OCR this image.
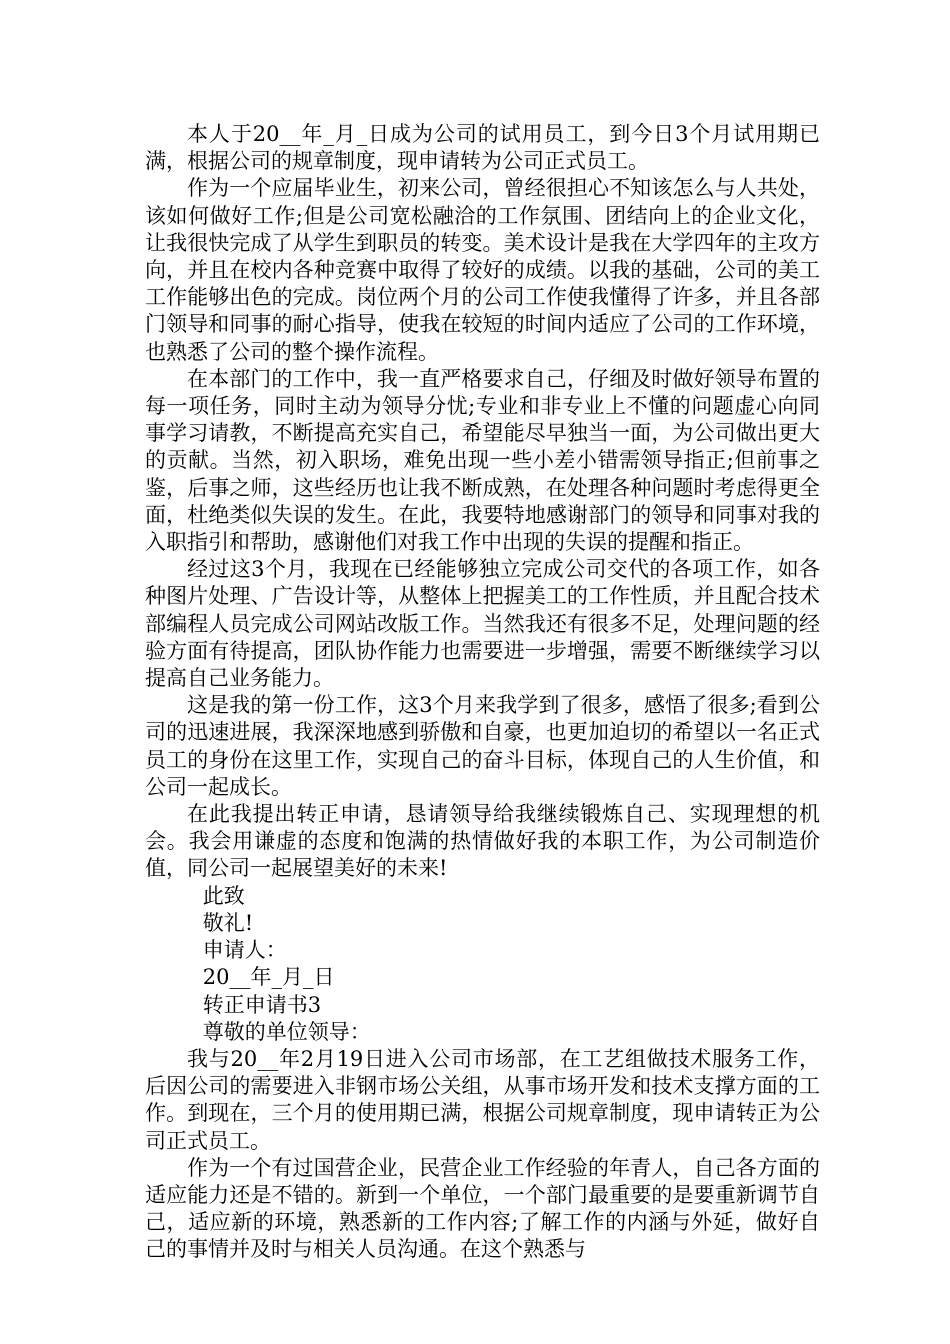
本人于20__年_月_日成为公司的试用员工，到今日3个月试用期已满，根据公司的规章制度，现申请转为公司正式员工。

作为一个应届毕业生，初来公司，曾经很担心不知该怎么与人共处，该如何做好工作;但是公司宽松融洽的工作氛围、团结向上的企业文化，让我很快完成了从学生到职员的转变。美术设计是我在大学四年的主攻方向，并且在校内各种竞赛中取得了较好的成绩。以我的基础，公司的美工工作能够出色的完成。岗位两个月的公司工作使我懂得了许多，并且各部门领导和同事的耐心指导，使我在较短的时间内适应了公司的工作环境，也熟悉了公司的整个操作流程。

在本部门的工作中，我一直严格要求自己，仔细及时做好领导布置的每一项任务，同时主动为领导分忧;专业和非专业上不懂的问题虚心向同事学习请教，不断提高充实自己，希望能尽早独当一面，为公司做出更大的贡献。当然，初入职场，难免出现一些小差小错需领导指正;但前事之鉴，后事之师，这些经历也让我不断成熟，在处理各种问题时考虑得更全面，杜绝类似失误的发生。在此，我要特地感谢部门的领导和同事对我的入职指引和帮助，感谢他们对我工作中出现的失误的提醒和指正。

经过这3个月，我现在已经能够独立完成公司交代的各项工作，如各种图片处理、广告设计等，从整体上把握美工的工作性质，并且配合技术部编程人员完成公司网站改版工作。当然我还有很多不足，处理问题的经验方面有待提高，团队协作能力也需要进一步增强，需要不断继续学习以提高自己业务能力。

这是我的第一份工作，这3个月来我学到了很多，感悟了很多;看到公司的迅速进展，我深深地感到骄傲和自豪，也更加迫切的希望以一名正式员工的身份在这里工作，实现自己的奋斗目标，体现自己的人生价值，和公司一起成长。

在此我提出转正申请，恳请领导给我继续锻炼自己、实现理想的机会。我会用谦虚的态度和饱满的热情做好我的本职工作，为公司制造价值，同公司一起展望美好的未来!

此致

敬礼!

申请人：

20__年_月_日

转正申请书3

尊敬的单位领导：

我与20__年2月19日进入公司市场部，在工艺组做技术服务工作，后因公司的需要进入非钢市场公关组，从事市场开发和技术支撑方面的工作。到现在，三个月的使用期已满，根据公司规章制度，现申请转正为公司正式员工。

作为一个有过国营企业，民营企业工作经验的年青人，自己各方面的适应能力还是不错的。新到一个单位，一个部门最重要的是要重新调节自己，适应新的环境，熟悉新的工作内容;了解工作的内涵与外延，做好自己的事情并及时与相关人员沟通。在这个熟悉与
